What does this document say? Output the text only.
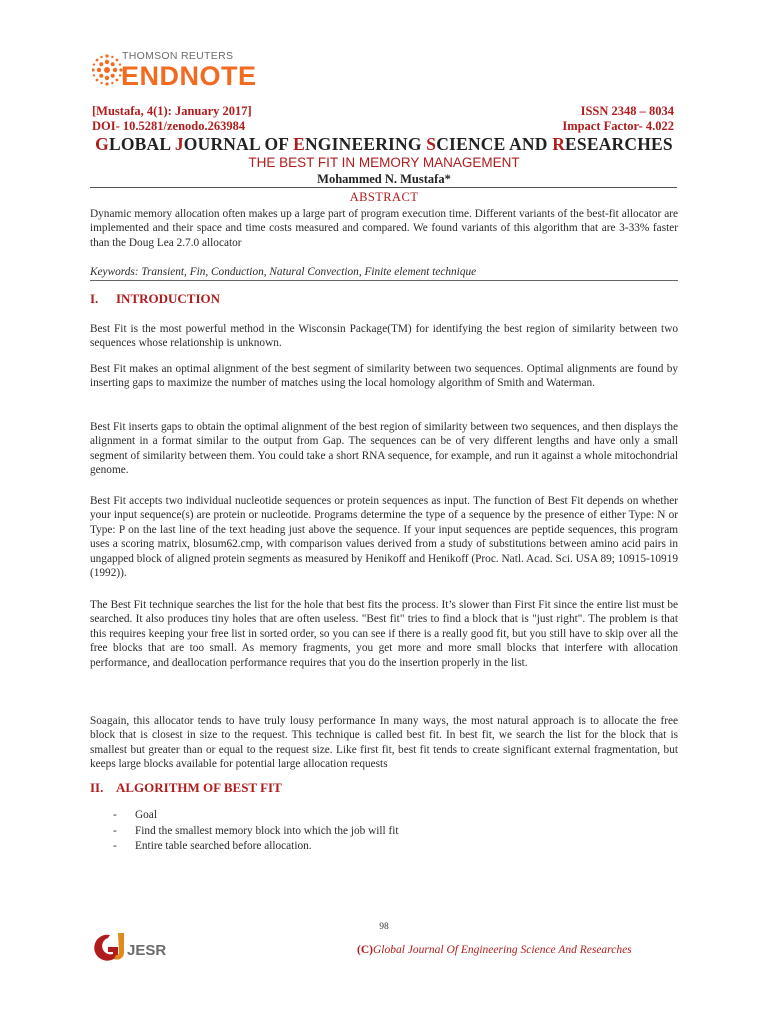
THOMSON REUTERS
ENDNOTE
[Mustafa, 4(1): January 2017]
DOI- 10.5281/zenodo.263984
ISSN 2348 – 8034
Impact Factor- 4.022
GLOBAL JOURNAL OF ENGINEERING SCIENCE AND RESEARCHES
THE BEST FIT IN MEMORY MANAGEMENT
Mohammed N. Mustafa*
ABSTRACT
Dynamic memory allocation often makes up a large part of program execution time. Different variants of the best-fit allocator are implemented and their space and time costs measured and compared. We found variants of this algorithm that are 3-33% faster than the Doug Lea 2.7.0 allocator
Keywords: Transient, Fin, Conduction, Natural Convection, Finite element technique
I. INTRODUCTION
Best Fit is the most powerful method in the Wisconsin Package(TM) for identifying the best region of similarity between two sequences whose relationship is unknown.
Best Fit makes an optimal alignment of the best segment of similarity between two sequences. Optimal alignments are found by inserting gaps to maximize the number of matches using the local homology algorithm of Smith and Waterman.
Best Fit inserts gaps to obtain the optimal alignment of the best region of similarity between two sequences, and then displays the alignment in a format similar to the output from Gap. The sequences can be of very different lengths and have only a small segment of similarity between them. You could take a short RNA sequence, for example, and run it against a whole mitochondrial genome.
Best Fit accepts two individual nucleotide sequences or protein sequences as input. The function of Best Fit depends on whether your input sequence(s) are protein or nucleotide. Programs determine the type of a sequence by the presence of either Type: N or Type: P on the last line of the text heading just above the sequence. If your input sequences are peptide sequences, this program uses a scoring matrix, blosum62.cmp, with comparison values derived from a study of substitutions between amino acid pairs in ungapped block of aligned protein segments as measured by Henikoff and Henikoff (Proc. Natl. Acad. Sci. USA 89; 10915-10919 (1992)).
The Best Fit technique searches the list for the hole that best fits the process. It’s slower than First Fit since the entire list must be searched. It also produces tiny holes that are often useless. "Best fit" tries to find a block that is "just right". The problem is that this requires keeping your free list in sorted order, so you can see if there is a really good fit, but you still have to skip over all the free blocks that are too small. As memory fragments, you get more and more small blocks that interfere with allocation performance, and deallocation performance requires that you do the insertion properly in the list.
Soagain, this allocator tends to have truly lousy performance In many ways, the most natural approach is to allocate the free block that is closest in size to the request. This technique is called best fit. In best fit, we search the list for the block that is smallest but greater than or equal to the request size. Like first fit, best fit tends to create significant external fragmentation, but keeps large blocks available for potential large allocation requests
II. ALGORITHM OF BEST FIT
- Goal
- Find the smallest memory block into which the job will fit
- Entire table searched before allocation.
98
JESR	(C)Global Journal Of Engineering Science And Researches
